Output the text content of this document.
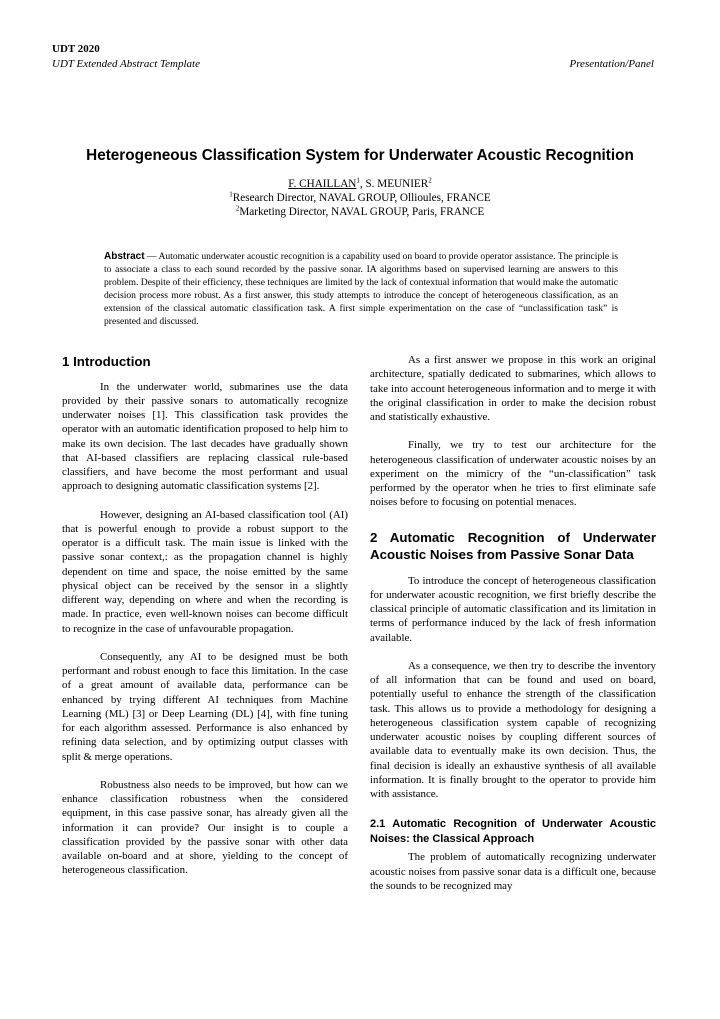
UDT 2020
UDT Extended Abstract Template	Presentation/Panel
Heterogeneous Classification System for Underwater Acoustic Recognition
F. CHAILLAN$^1$, S. MEUNIER$^2$
$^1$Research Director, NAVAL GROUP, Ollioules, FRANCE
$^2$Marketing Director, NAVAL GROUP, Paris, FRANCE
Abstract — Automatic underwater acoustic recognition is a capability used on board to provide operator assistance. The principle is to associate a class to each sound recorded by the passive sonar. IA algorithms based on supervised learning are answers to this problem. Despite of their efficiency, these techniques are limited by the lack of contextual information that would make the automatic decision process more robust. As a first answer, this study attempts to introduce the concept of heterogeneous classification, as an extension of the classical automatic classification task. A first simple experimentation on the case of “unclassification task” is presented and discussed.
1 Introduction

In the underwater world, submarines use the data provided by their passive sonars to automatically recognize underwater noises [1]. This classification task provides the operator with an automatic identification proposed to help him to make its own decision. The last decades have gradually shown that AI-based classifiers are replacing classical rule-based classifiers, and have become the most performant and usual approach to designing automatic classification systems [2].

However, designing an AI-based classification tool (AI) that is powerful enough to provide a robust support to the operator is a difficult task. The main issue is linked with the passive sonar context,: as the propagation channel is highly dependent on time and space, the noise emitted by the same physical object can be received by the sensor in a slightly different way, depending on where and when the recording is made. In practice, even well-known noises can become difficult to recognize in the case of unfavourable propagation.

Consequently, any AI to be designed must be both performant and robust enough to face this limitation. In the case of a great amount of available data, performance can be enhanced by trying different AI techniques from Machine Learning (ML) [3] or Deep Learning (DL) [4], with fine tuning for each algorithm assessed. Performance is also enhanced by refining data selection, and by optimizing output classes with split & merge operations.

Robustness also needs to be improved, but how can we enhance classification robustness when the considered equipment, in this case passive sonar, has already given all the information it can provide? Our insight is to couple a classification provided by the passive sonar with other data available on-board and at shore, yielding to the concept of heterogeneous classification.

As a first answer we propose in this work an original architecture, spatially dedicated to submarines, which allows to take into account heterogeneous information and to merge it with the original classification in order to make the decision robust and statistically exhaustive.

Finally, we try to test our architecture for the heterogeneous classification of underwater acoustic noises by an experiment on the mimicry of the “un-classification” task performed by the operator when he tries to first eliminate safe noises before to focusing on potential menaces.

2 Automatic Recognition of Underwater Acoustic Noises from Passive Sonar Data

To introduce the concept of heterogeneous classification for underwater acoustic recognition, we first briefly describe the classical principle of automatic classification and its limitation in terms of performance induced by the lack of fresh information available.

As a consequence, we then try to describe the inventory of all information that can be found and used on board, potentially useful to enhance the strength of the classification task. This allows us to provide a methodology for designing a heterogeneous classification system capable of recognizing underwater acoustic noises by coupling different sources of available data to eventually make its own decision. Thus, the final decision is ideally an exhaustive synthesis of all available information. It is finally brought to the operator to provide him with assistance.

2.1 Automatic Recognition of Underwater Acoustic Noises: the Classical Approach

The problem of automatically recognizing underwater acoustic noises from passive sonar data is a difficult one, because the sounds to be recognized may
